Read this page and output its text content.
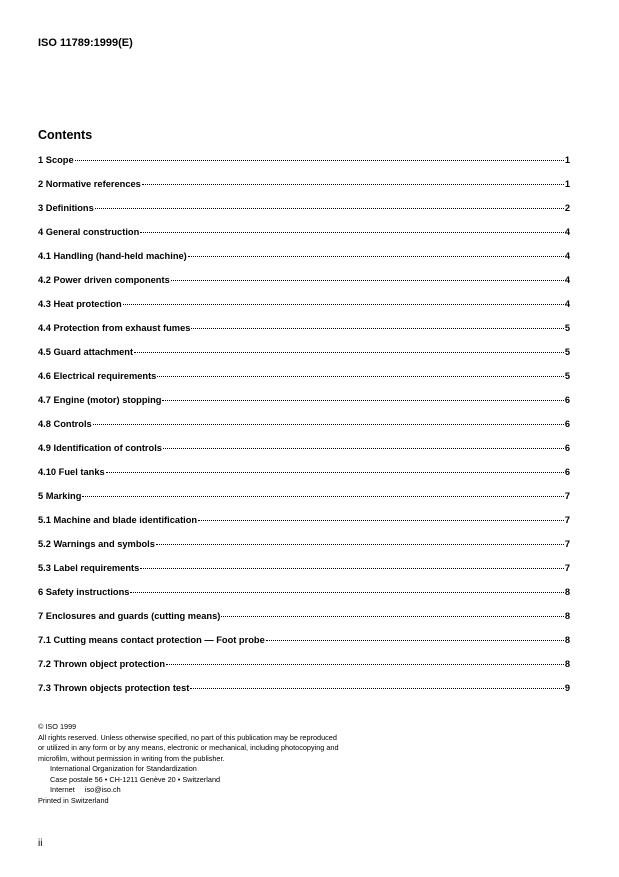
ISO 11789:1999(E)
Contents
1 Scope	1
2 Normative references	1
3 Definitions	2
4 General construction	4
4.1 Handling (hand-held machine)	4
4.2 Power driven components	4
4.3 Heat protection	4
4.4 Protection from exhaust fumes	5
4.5 Guard attachment	5
4.6 Electrical requirements	5
4.7 Engine (motor) stopping	6
4.8 Controls	6
4.9 Identification of controls	6
4.10 Fuel tanks	6
5 Marking	7
5.1 Machine and blade identification	7
5.2 Warnings and symbols	7
5.3 Label requirements	7
6 Safety instructions	8
7 Enclosures and guards (cutting means)	8
7.1 Cutting means contact protection — Foot probe	8
7.2 Thrown object protection	8
7.3 Thrown objects protection test	9
© ISO 1999
All rights reserved. Unless otherwise specified, no part of this publication may be reproduced
or utilized in any form or by any means, electronic or mechanical, including photocopying and
microfilm, without permission in writing from the publisher.
International Organization for Standardization
Case postale 56 • CH-1211 Genève 20 • Switzerland
Internet     iso@iso.ch
Printed in Switzerland
ii
